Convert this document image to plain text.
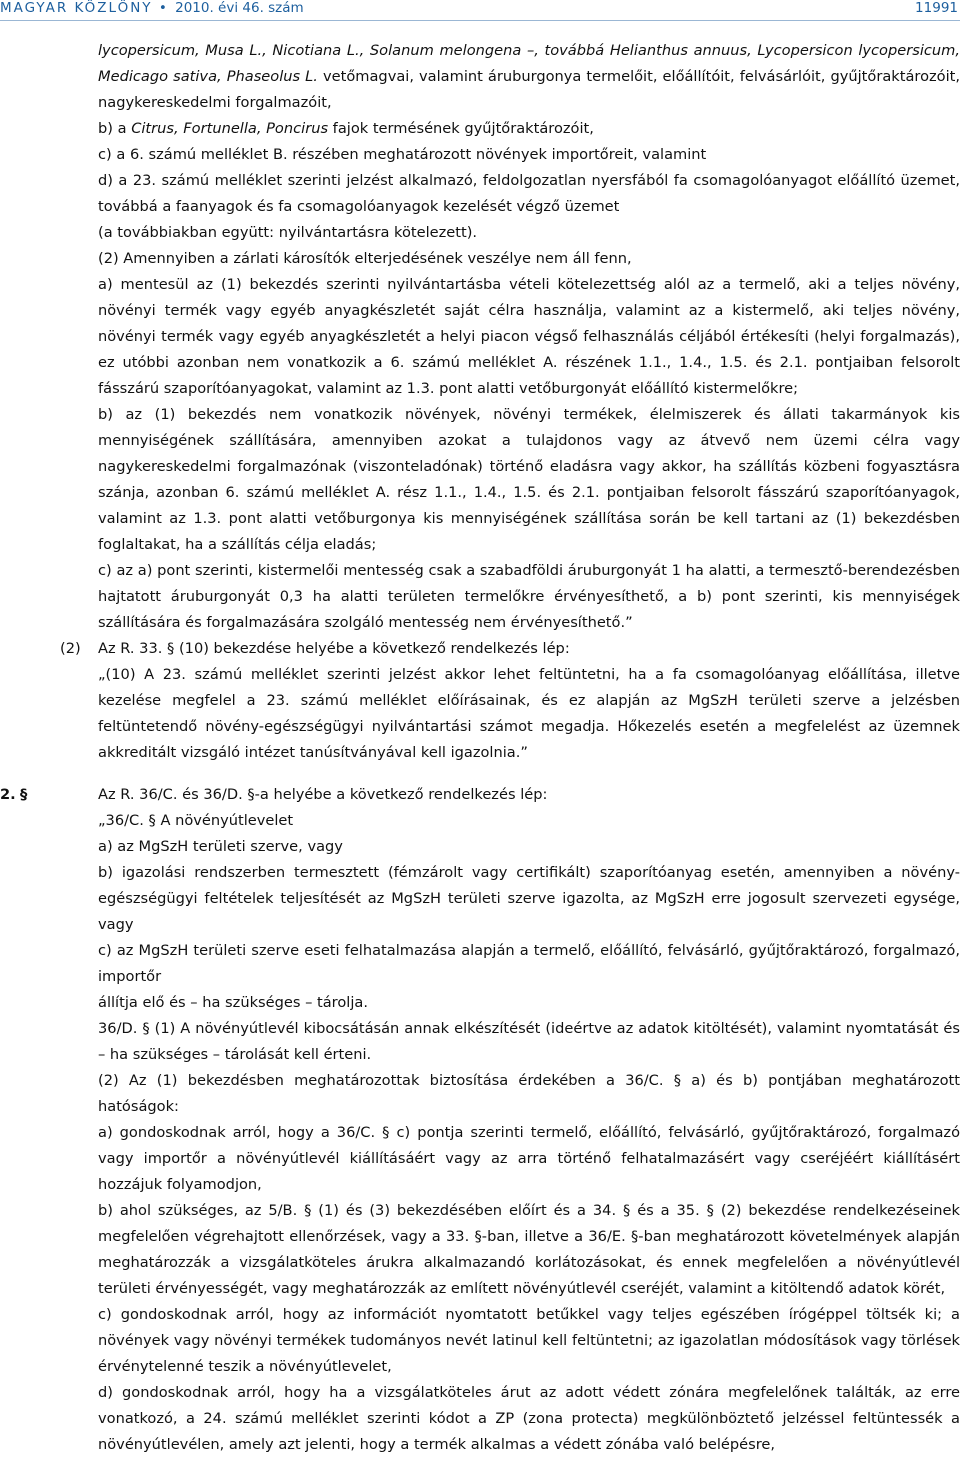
MAGYAR KÖZLÖNY • 2010. évi 46. szám	11991
lycopersicum, Musa L., Nicotiana L., Solanum melongena –, továbbá Helianthus annuus, Lycopersicon lycopersicum, Medicago sativa, Phaseolus L. vetőmagvai, valamint áruburgonya termelőit, előállítóit, felvásárlóit, gyűjtőraktározóit, nagykereskedelmi forgalmazóit,
b) a Citrus, Fortunella, Poncirus fajok termésének gyűjtőraktározóit,
c) a 6. számú melléklet B. részében meghatározott növények importőreit, valamint
d) a 23. számú melléklet szerinti jelzést alkalmazó, feldolgozatlan nyersfából fa csomagolóanyagot előállító üzemet, továbbá a faanyagok és fa csomagolóanyagok kezelését végző üzemet
(a továbbiakban együtt: nyilvántartásra kötelezett).
(2) Amennyiben a zárlati károsítók elterjedésének veszélye nem áll fenn,
a) mentesül az (1) bekezdés szerinti nyilvántartásba vételi kötelezettség alól az a termelő, aki a teljes növény, növényi termék vagy egyéb anyagkészletét saját célra használja, valamint az a kistermelő, aki teljes növény, növényi termék vagy egyéb anyagkészletét a helyi piacon végső felhasználás céljából értékesíti (helyi forgalmazás), ez utóbbi azonban nem vonatkozik a 6. számú melléklet A. részének 1.1., 1.4., 1.5. és 2.1. pontjaiban felsorolt fásszárú szaporítóanyagokat, valamint az 1.3. pont alatti vetőburgonyát előállító kistermelőkre;
b) az (1) bekezdés nem vonatkozik növények, növényi termékek, élelmiszerek és állati takarmányok kis mennyiségének szállítására, amennyiben azokat a tulajdonos vagy az átvevő nem üzemi célra vagy nagykereskedelmi forgalmazónak (viszonteladónak) történő eladásra vagy akkor, ha szállítás közbeni fogyasztásra szánja, azonban 6. számú melléklet A. rész 1.1., 1.4., 1.5. és 2.1. pontjaiban felsorolt fásszárú szaporítóanyagok, valamint az 1.3. pont alatti vetőburgonya kis mennyiségének szállítása során be kell tartani az (1) bekezdésben foglaltakat, ha a szállítás célja eladás;
c) az a) pont szerinti, kistermelői mentesség csak a szabadföldi áruburgonyát 1 ha alatti, a termesztő-berendezésben hajtatott áruburgonyát 0,3 ha alatti területen termelőkre érvényesíthető, a b) pont szerinti, kis mennyiségek szállítására és forgalmazására szolgáló mentesség nem érvényesíthető.”
(2) Az R. 33. § (10) bekezdése helyébe a következő rendelkezés lép:
„(10) A 23. számú melléklet szerinti jelzést akkor lehet feltüntetni, ha a fa csomagolóanyag előállítása, illetve kezelése megfelel a 23. számú melléklet előírásainak, és ez alapján az MgSzH területi szerve a jelzésben feltüntetendő növény-egészségügyi nyilvántartási számot megadja. Hőkezelés esetén a megfelelést az üzemnek akkreditált vizsgáló intézet tanúsítványával kell igazolnia.”
2. §	Az R. 36/C. és 36/D. §-a helyébe a következő rendelkezés lép:
„36/C. § A növényútlevelet
a) az MgSzH területi szerve, vagy
b) igazolási rendszerben termesztett (fémzárolt vagy certifikált) szaporítóanyag esetén, amennyiben a növény-egészségügyi feltételek teljesítését az MgSzH területi szerve igazolta, az MgSzH erre jogosult szervezeti egysége, vagy
c) az MgSzH területi szerve eseti felhatalmazása alapján a termelő, előállító, felvásárló, gyűjtőraktározó, forgalmazó, importőr
állítja elő és – ha szükséges – tárolja.
36/D. § (1) A növényútlevél kibocsátásán annak elkészítését (ideértve az adatok kitöltését), valamint nyomtatását és – ha szükséges – tárolását kell érteni.
(2) Az (1) bekezdésben meghatározottak biztosítása érdekében a 36/C. § a) és b) pontjában meghatározott hatóságok:
a) gondoskodnak arról, hogy a 36/C. § c) pontja szerinti termelő, előállító, felvásárló, gyűjtőraktározó, forgalmazó vagy importőr a növényútlevél kiállításáért vagy az arra történő felhatalmazásért vagy cseréjéért kiállításért hozzájuk folyamodjon,
b) ahol szükséges, az 5/B. § (1) és (3) bekezdésében előírt és a 34. § és a 35. § (2) bekezdése rendelkezéseinek megfelelően végrehajtott ellenőrzések, vagy a 33. §-ban, illetve a 36/E. §-ban meghatározott követelmények alapján meghatározzák a vizsgálatköteles árukra alkalmazandó korlátozásokat, és ennek megfelelően a növényútlevél területi érvényességét, vagy meghatározzák az említett növényútlevél cseréjét, valamint a kitöltendő adatok körét,
c) gondoskodnak arról, hogy az információt nyomtatott betűkkel vagy teljes egészében írógéppel töltsék ki; a növények vagy növényi termékek tudományos nevét latinul kell feltüntetni; az igazolatlan módosítások vagy törlések érvénytelenné teszik a növényútlevelet,
d) gondoskodnak arról, hogy ha a vizsgálatköteles árut az adott védett zónára megfelelőnek találták, az erre vonatkozó, a 24. számú melléklet szerinti kódot a ZP (zona protecta) megkülönböztető jelzéssel feltüntessék a növényútlevélen, amely azt jelenti, hogy a termék alkalmas a védett zónába való belépésre,
